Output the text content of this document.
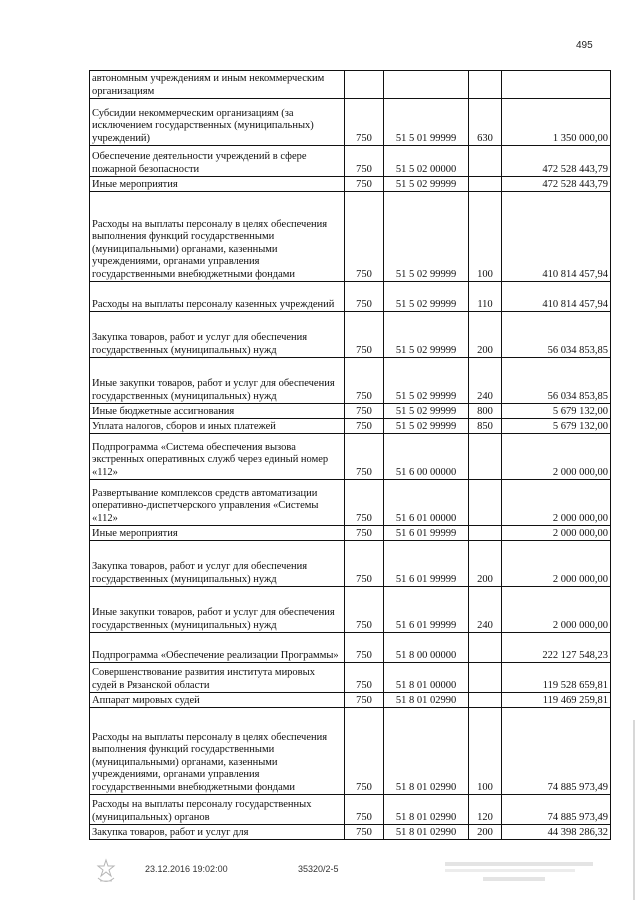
495
автономным учреждениям и иным некоммерческим организациям				
Субсидии некоммерческим организациям (за исключением государственных (муниципальных) учреждений)	750	51 5 01 99999	630	1 350 000,00
Обеспечение деятельности учреждений в сфере пожарной безопасности	750	51 5 02 00000		472 528 443,79
Иные мероприятия	750	51 5 02 99999		472 528 443,79
Расходы на выплаты персоналу в целях обеспечения выполнения функций государственными (муниципальными) органами, казенными учреждениями, органами управления государственными внебюджетными фондами	750	51 5 02 99999	100	410 814 457,94
Расходы на выплаты персоналу казенных учреждений	750	51 5 02 99999	110	410 814 457,94
Закупка товаров, работ и услуг для обеспечения государственных (муниципальных) нужд	750	51 5 02 99999	200	56 034 853,85
Иные закупки товаров, работ и услуг для обеспечения государственных (муниципальных) нужд	750	51 5 02 99999	240	56 034 853,85
Иные бюджетные ассигнования	750	51 5 02 99999	800	5 679 132,00
Уплата налогов, сборов и иных платежей	750	51 5 02 99999	850	5 679 132,00
Подпрограмма «Система обеспечения вызова экстренных оперативных служб через единый номер «112»	750	51 6 00 00000		2 000 000,00
Развертывание комплексов средств автоматизации оперативно-диспетчерского управления «Системы «112»	750	51 6 01 00000		2 000 000,00
Иные мероприятия	750	51 6 01 99999		2 000 000,00
Закупка товаров, работ и услуг для обеспечения государственных (муниципальных) нужд	750	51 6 01 99999	200	2 000 000,00
Иные закупки товаров, работ и услуг для обеспечения государственных (муниципальных) нужд	750	51 6 01 99999	240	2 000 000,00
Подпрограмма «Обеспечение реализации Программы»	750	51 8 00 00000		222 127 548,23
Совершенствование развития института мировых судей в Рязанской области	750	51 8 01 00000		119 528 659,81
Аппарат мировых судей	750	51 8 01 02990		119 469 259,81
Расходы на выплаты персоналу в целях обеспечения выполнения функций государственными (муниципальными) органами, казенными учреждениями, органами управления государственными внебюджетными фондами	750	51 8 01 02990	100	74 885 973,49
Расходы на выплаты персоналу государственных (муниципальных) органов	750	51 8 01 02990	120	74 885 973,49
Закупка товаров, работ и услуг для	750	51 8 01 02990	200	44 398 286,32
23.12.2016 19:02:00	35320/2-5
